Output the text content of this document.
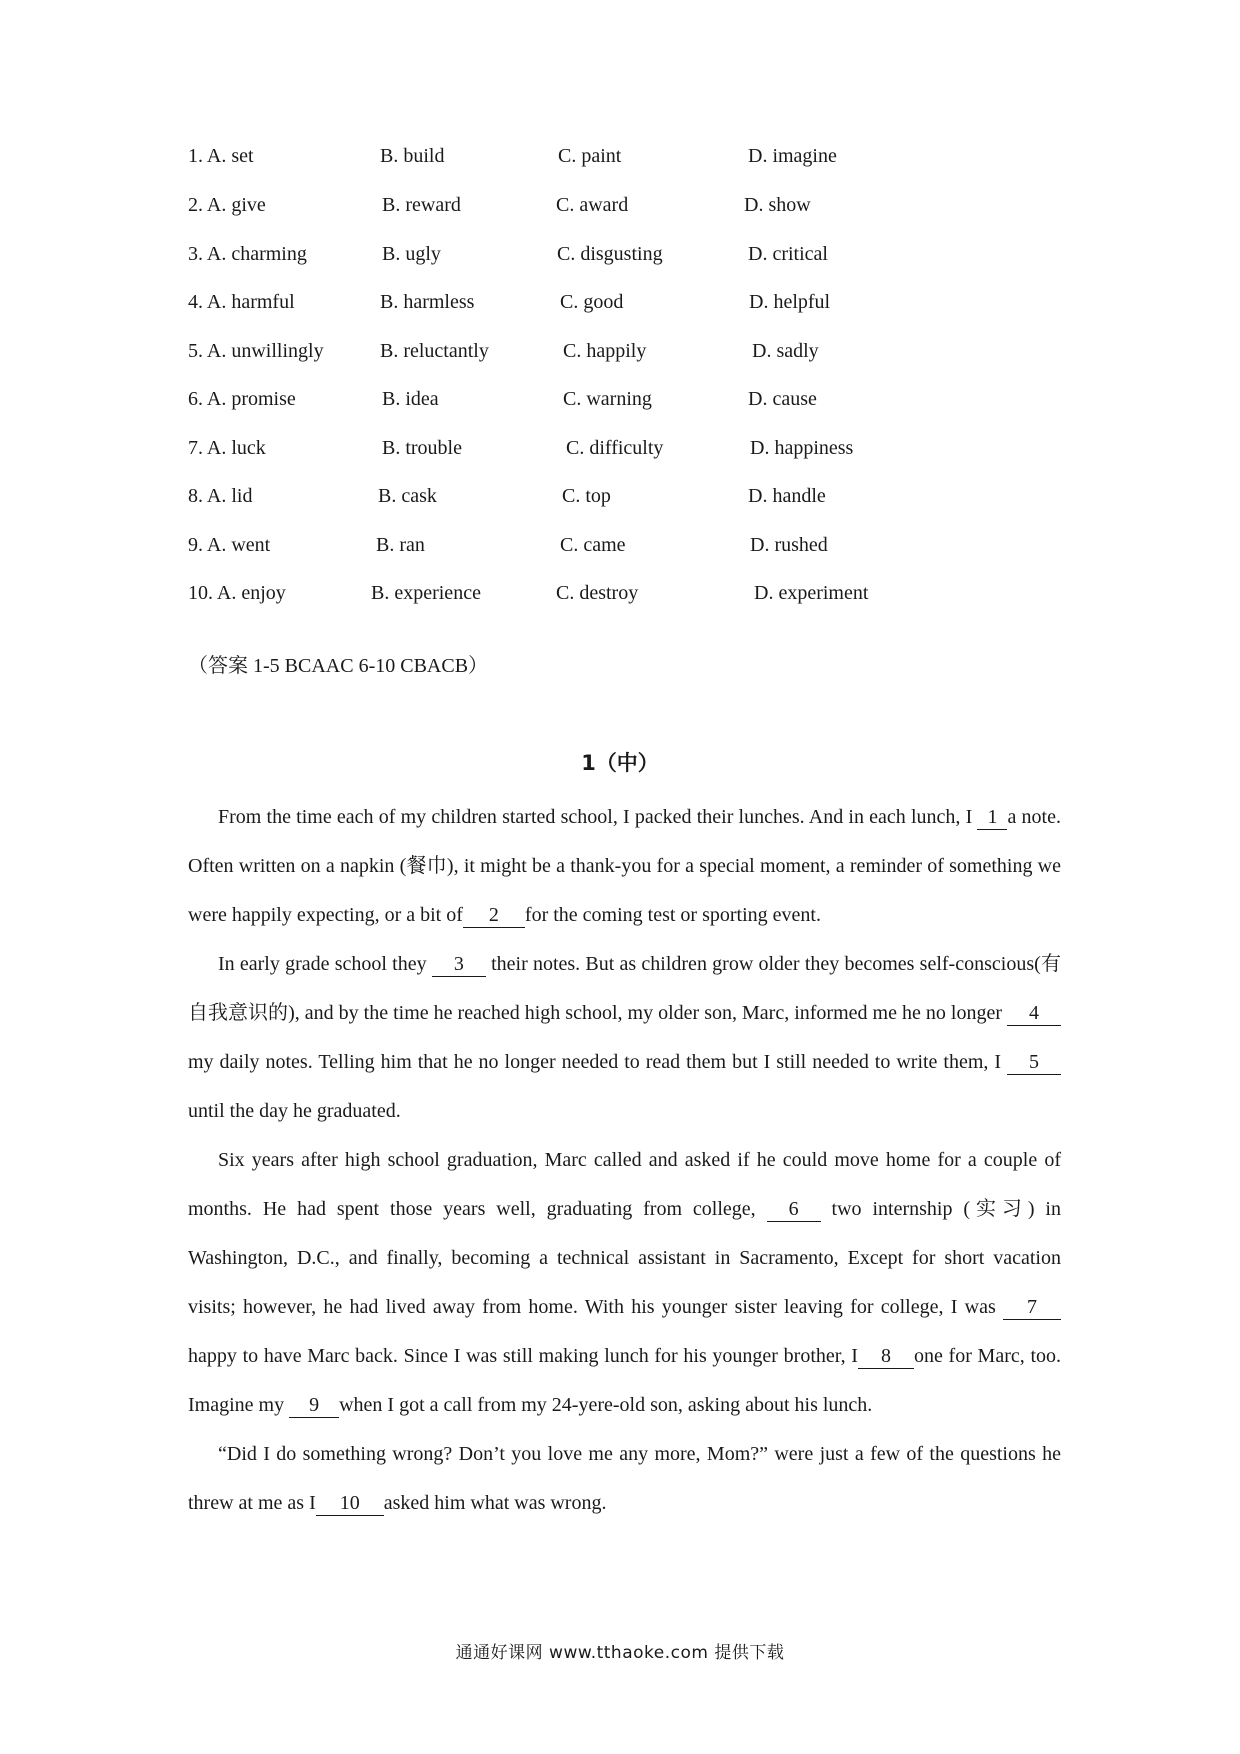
1. A. set	B. build	C. paint	D. imagine
2. A. give	B. reward	C. award	D. show
3. A. charming	B. ugly	C. disgusting	D. critical
4. A. harmful	B. harmless	C. good	D. helpful
5. A. unwillingly	B. reluctantly	C. happily	D. sadly
6. A. promise	B. idea	C. warning	D. cause
7. A. luck	B. trouble	C. difficulty	D. happiness
8. A. lid	B. cask	C. top	D. handle
9. A. went	B. ran	C. came	D. rushed
10. A. enjoy	B. experience	C. destroy	D. experiment
（答案 1-5 BCAAC 6-10 CBACB）
1（中）

From the time each of my children started school, I packed their lunches. And in each lunch, I 1 a note. Often written on a napkin (餐巾), it might be a thank-you for a special moment, a reminder of something we were happily expecting, or a bit of 2 for the coming test or sporting event.

In early grade school they 3 their notes. But as children grow older they becomes self-conscious(有自我意识的), and by the time he reached high school, my older son, Marc, informed me he no longer 4my daily notes. Telling him that he no longer needed to read them but I still needed to write them, I 5until the day he graduated.

Six years after high school graduation, Marc called and asked if he could move home for a couple of months. He had spent those years well, graduating from college, 6 two internship (实习) in Washington, D.C., and finally, becoming a technical assistant in Sacramento, Except for short vacation visits; however, he had lived away from home. With his younger sister leaving for college, I was 7happy to have Marc back. Since I was still making lunch for his younger brother, I 8 one for Marc, too. Imagine my 9 when I got a call from my 24-yere-old son, asking about his lunch.

“Did I do something wrong? Don’t you love me any more, Mom?” were just a few of the questions he threw at me as I 10 asked him what was wrong.

通通好课网 www.tthaoke.com 提供下载
